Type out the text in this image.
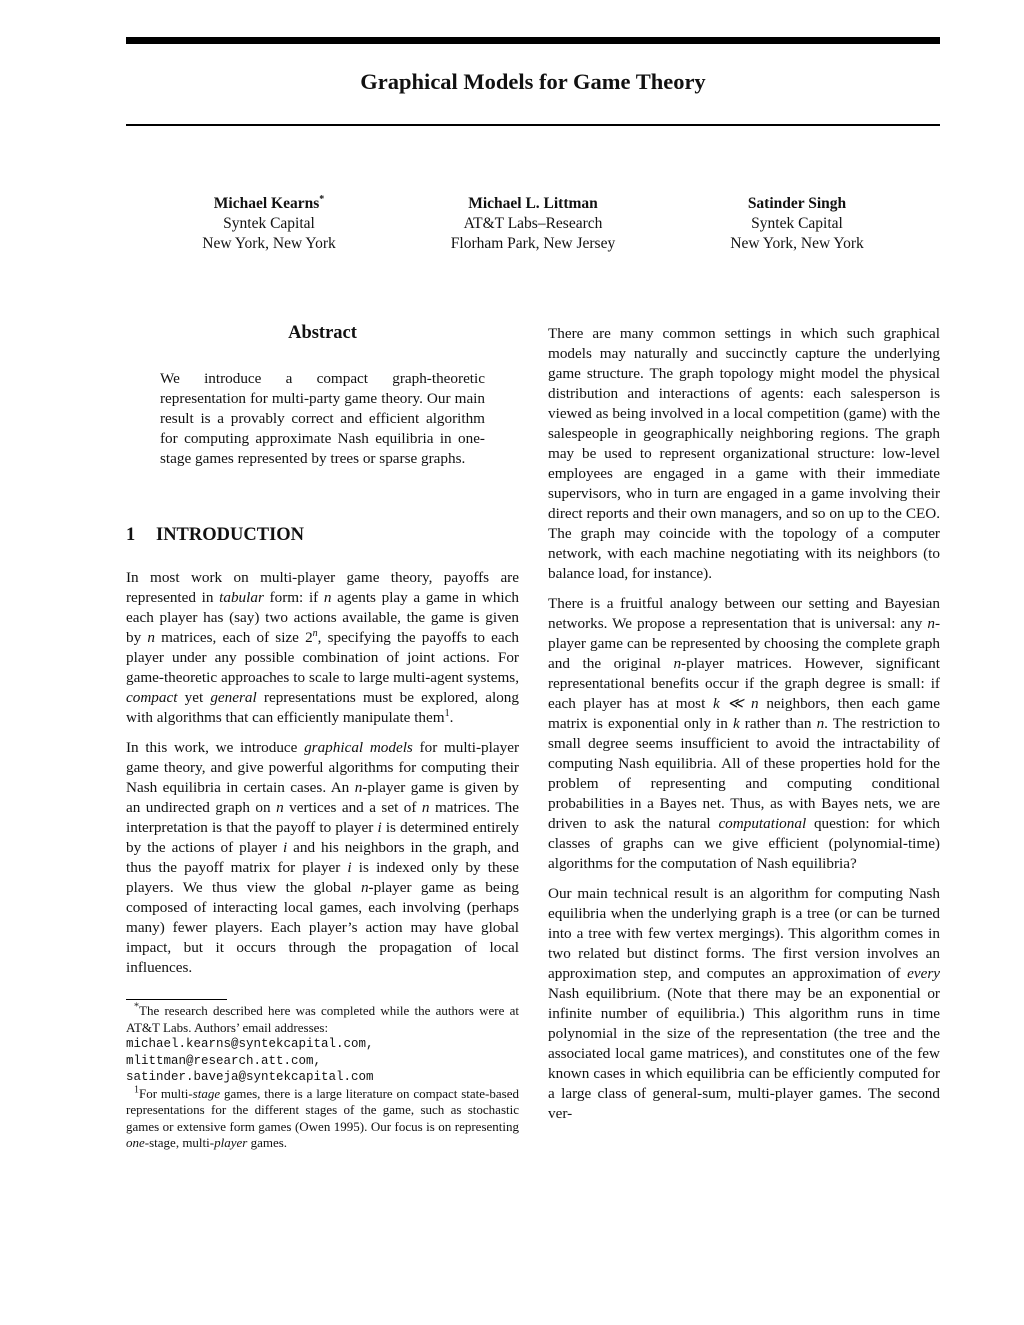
Graphical Models for Game Theory
Michael Kearns*
Syntek Capital
New York, New York
Michael L. Littman
AT&T Labs–Research
Florham Park, New Jersey
Satinder Singh
Syntek Capital
New York, New York
Abstract

We introduce a compact graph-theoretic representation for multi-party game theory. Our main result is a provably correct and efficient algorithm for computing approximate Nash equilibria in one-stage games represented by trees or sparse graphs.

1 INTRODUCTION

In most work on multi-player game theory, payoffs are represented in tabular form: if n agents play a game in which each player has (say) two actions available, the game is given by n matrices, each of size 2$^n$, specifying the payoffs to each player under any possible combination of joint actions. For game-theoretic approaches to scale to large multi-agent systems, compact yet general representations must be explored, along with algorithms that can efficiently manipulate them$^1$.

In this work, we introduce graphical models for multi-player game theory, and give powerful algorithms for computing their Nash equilibria in certain cases. An n-player game is given by an undirected graph on n vertices and a set of n matrices. The interpretation is that the payoff to player i is determined entirely by the actions of player i and his neighbors in the graph, and thus the payoff matrix for player i is indexed only by these players. We thus view the global n-player game as being composed of interacting local games, each involving (perhaps many) fewer players. Each player’s action may have global impact, but it occurs through the propagation of local influences.

*The research described here was completed while the authors were at AT&T Labs. Authors’ email addresses:
michael.kearns@syntekcapital.com,
mlittman@research.att.com,
satinder.baveja@syntekcapital.com

$^1$For multi-stage games, there is a large literature on compact state-based representations for the different stages of the game, such as stochastic games or extensive form games (Owen 1995). Our focus is on representing one-stage, multi-player games.

There are many common settings in which such graphical models may naturally and succinctly capture the underlying game structure. The graph topology might model the physical distribution and interactions of agents: each salesperson is viewed as being involved in a local competition (game) with the salespeople in geographically neighboring regions. The graph may be used to represent organizational structure: low-level employees are engaged in a game with their immediate supervisors, who in turn are engaged in a game involving their direct reports and their own managers, and so on up to the CEO. The graph may coincide with the topology of a computer network, with each machine negotiating with its neighbors (to balance load, for instance).

There is a fruitful analogy between our setting and Bayesian networks. We propose a representation that is universal: any n-player game can be represented by choosing the complete graph and the original n-player matrices. However, significant representational benefits occur if the graph degree is small: if each player has at most k ≪ n neighbors, then each game matrix is exponential only in k rather than n. The restriction to small degree seems insufficient to avoid the intractability of computing Nash equilibria. All of these properties hold for the problem of representing and computing conditional probabilities in a Bayes net. Thus, as with Bayes nets, we are driven to ask the natural computational question: for which classes of graphs can we give efficient (polynomial-time) algorithms for the computation of Nash equilibria?

Our main technical result is an algorithm for computing Nash equilibria when the underlying graph is a tree (or can be turned into a tree with few vertex mergings). This algorithm comes in two related but distinct forms. The first version involves an approximation step, and computes an approximation of every Nash equilibrium. (Note that there may be an exponential or infinite number of equilibria.) This algorithm runs in time polynomial in the size of the representation (the tree and the associated local game matrices), and constitutes one of the few known cases in which equilibria can be efficiently computed for a large class of general-sum, multi-player games. The second ver-
